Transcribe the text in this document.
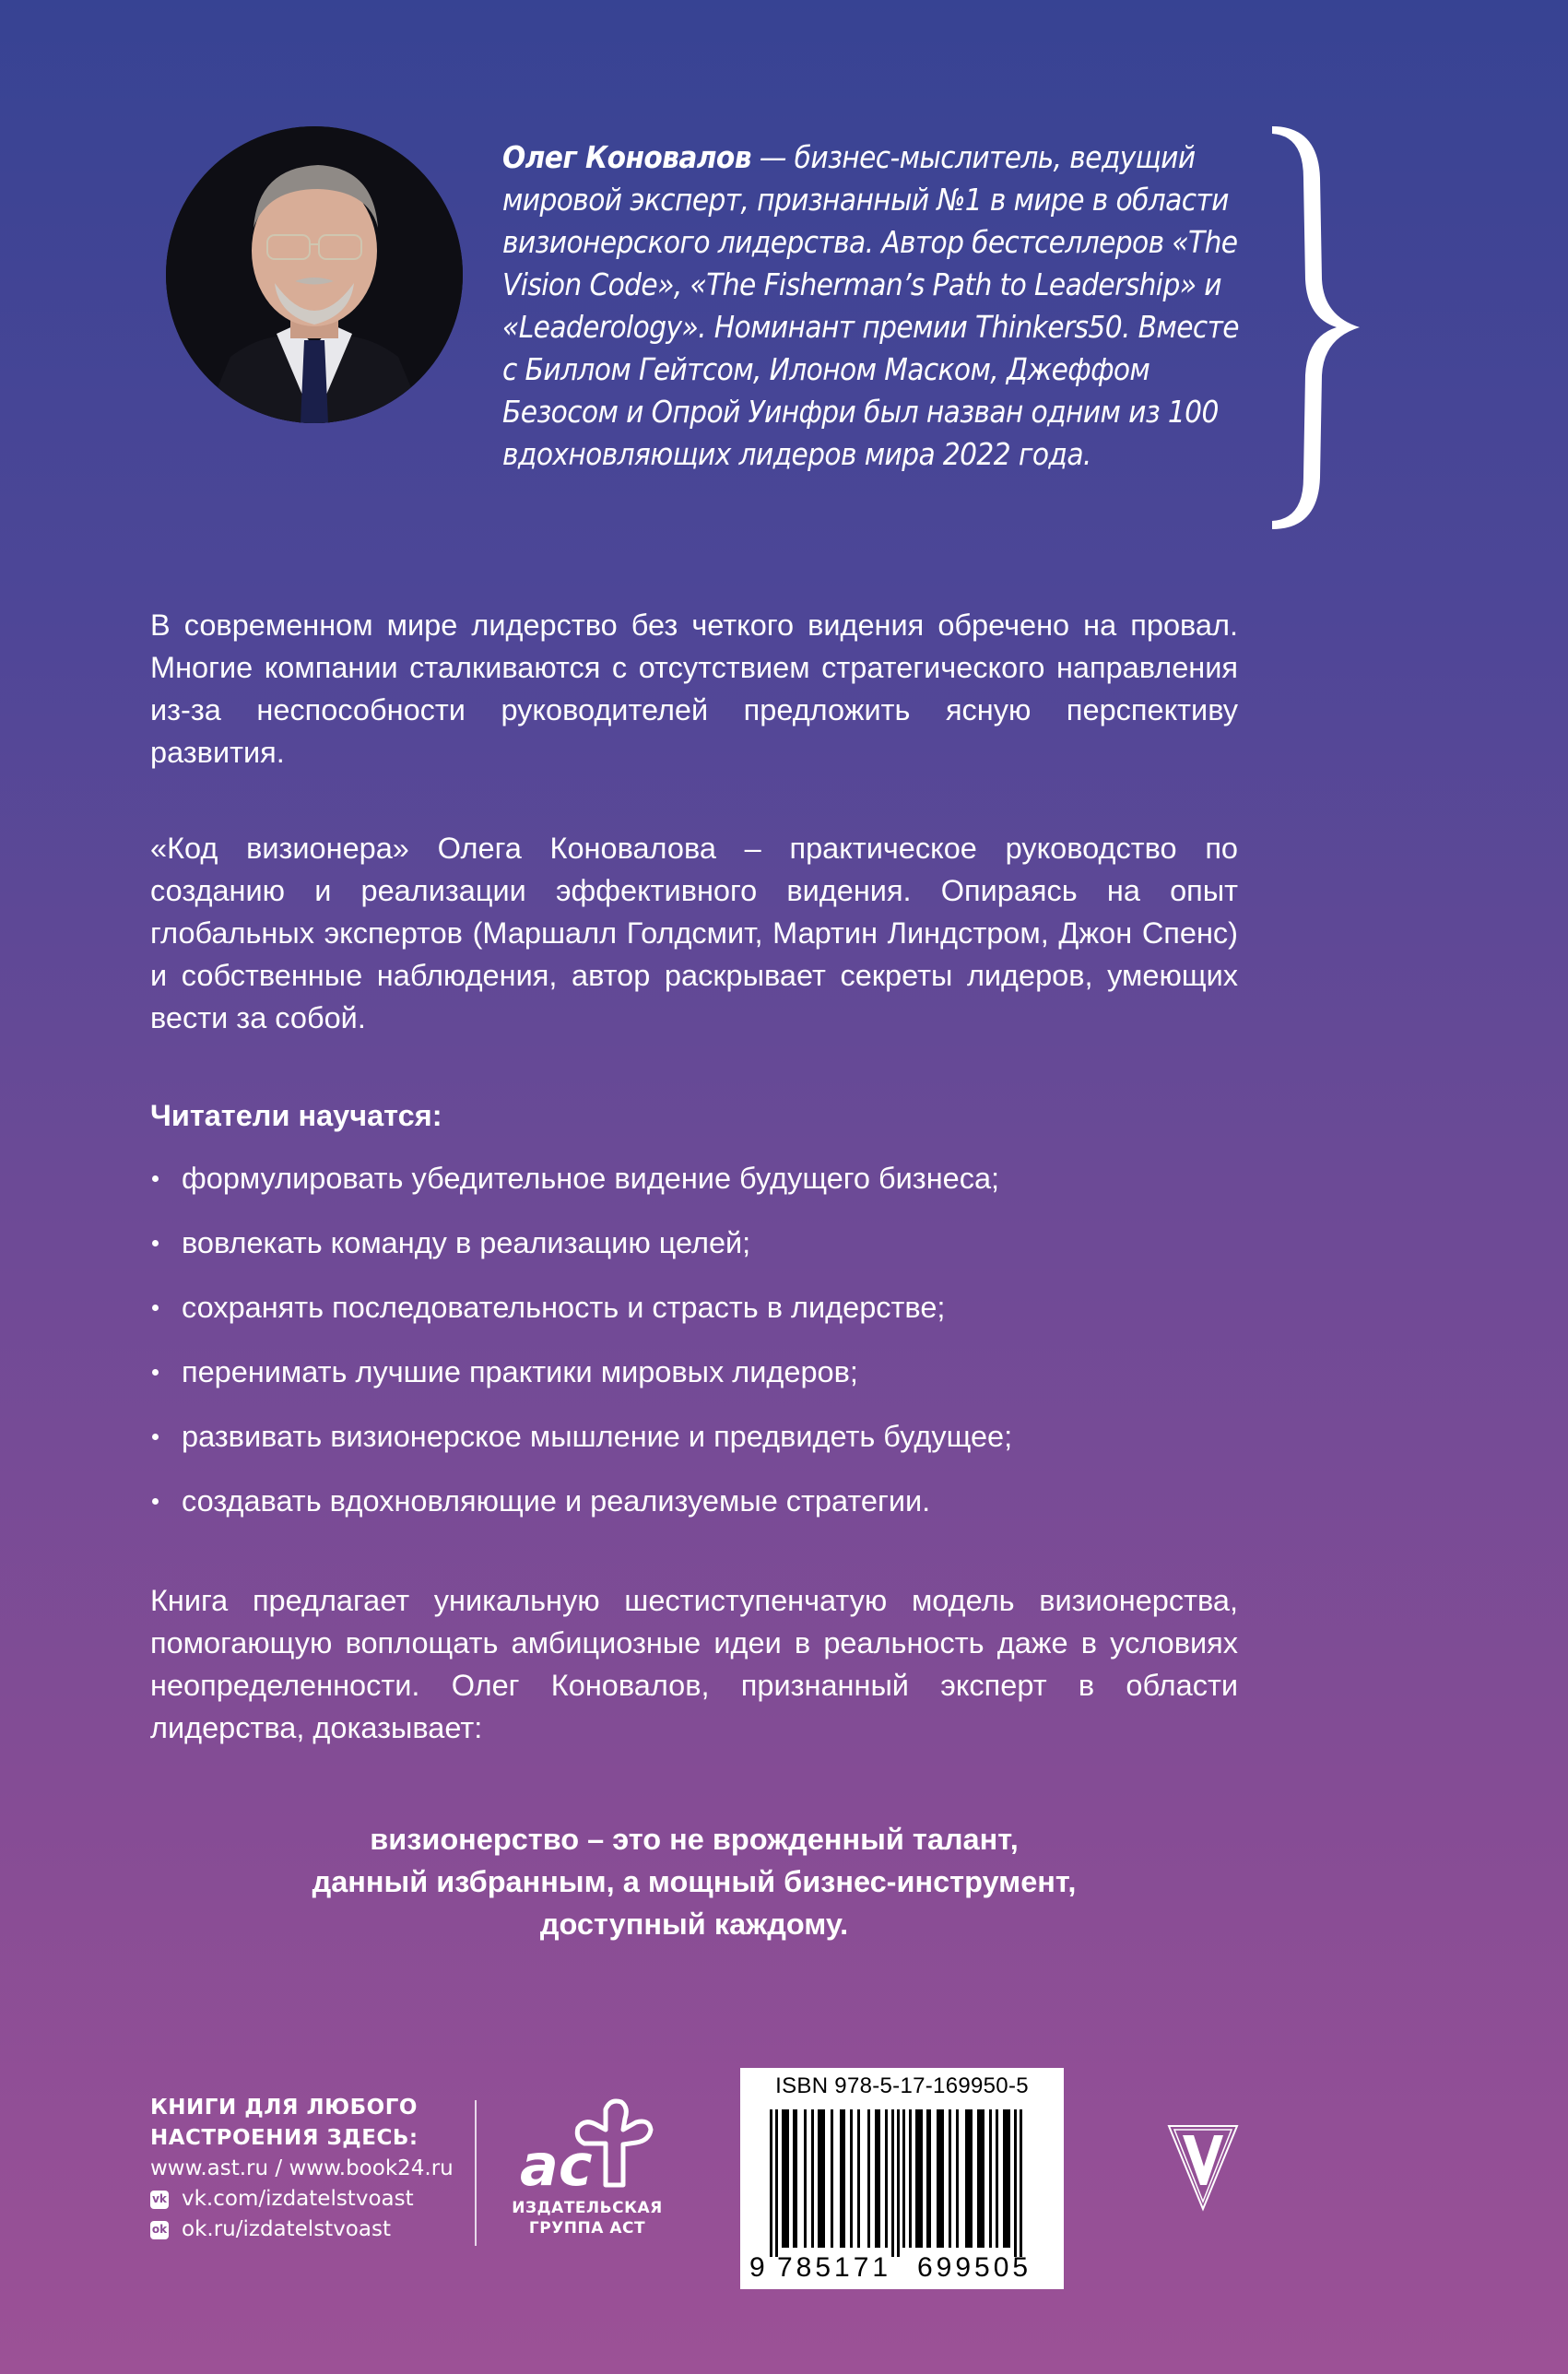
Олег Коновалов — бизнес-мыслитель, ведущий мировой эксперт, признанный №1 в мире в области визионерского лидерства. Автор бестселлеров «The Vision Code», «The Fisherman’s Path to Leadership» и «Leaderology». Номинант премии Thinkers50. Вместе с Биллом Гейтсом, Илоном Маском, Джеффом Безосом и Опрой Уинфри был назван одним из 100 вдохновляющих лидеров мира 2022 года.
В современном мире лидерство без четкого видения обречено на провал. Многие компании сталкиваются с отсутствием стратегического направления из-за неспособности руководителей предложить ясную перспективу развития.
«Код визионера» Олега Коновалова – практическое руководство по созданию и реализации эффективного видения. Опираясь на опыт глобальных экспертов (Маршалл Голдсмит, Мартин Линдстром, Джон Спенс) и собственные наблюдения, автор раскрывает секреты лидеров, умеющих вести за собой.
Читатели научатся:
формулировать убедительное видение будущего бизнеса;
вовлекать команду в реализацию целей;
сохранять последовательность и страсть в лидерстве;
перенимать лучшие практики мировых лидеров;
развивать визионерское мышление и предвидеть будущее;
создавать вдохновляющие и реализуемые стратегии.
Книга предлагает уникальную шестиступенчатую модель визионерства, помогающую воплощать амбициозные идеи в реальность даже в условиях неопределенности. Олег Коновалов, признанный эксперт в области лидерства, доказывает:
визионерство – это не врожденный талант,
данный избранным, а мощный бизнес-инструмент,
доступный каждому.
КНИГИ ДЛЯ ЛЮБОГО
НАСТРОЕНИЯ ЗДЕСЬ:
www.ast.ru / www.book24.ru
vk vk.com/izdatelstvoast
ok ok.ru/izdatelstvoast
ac
ИЗДАТЕЛЬСКАЯ
ГРУППА АСТ
ISBN 978-5-17-169950-5
9 785171 699505
